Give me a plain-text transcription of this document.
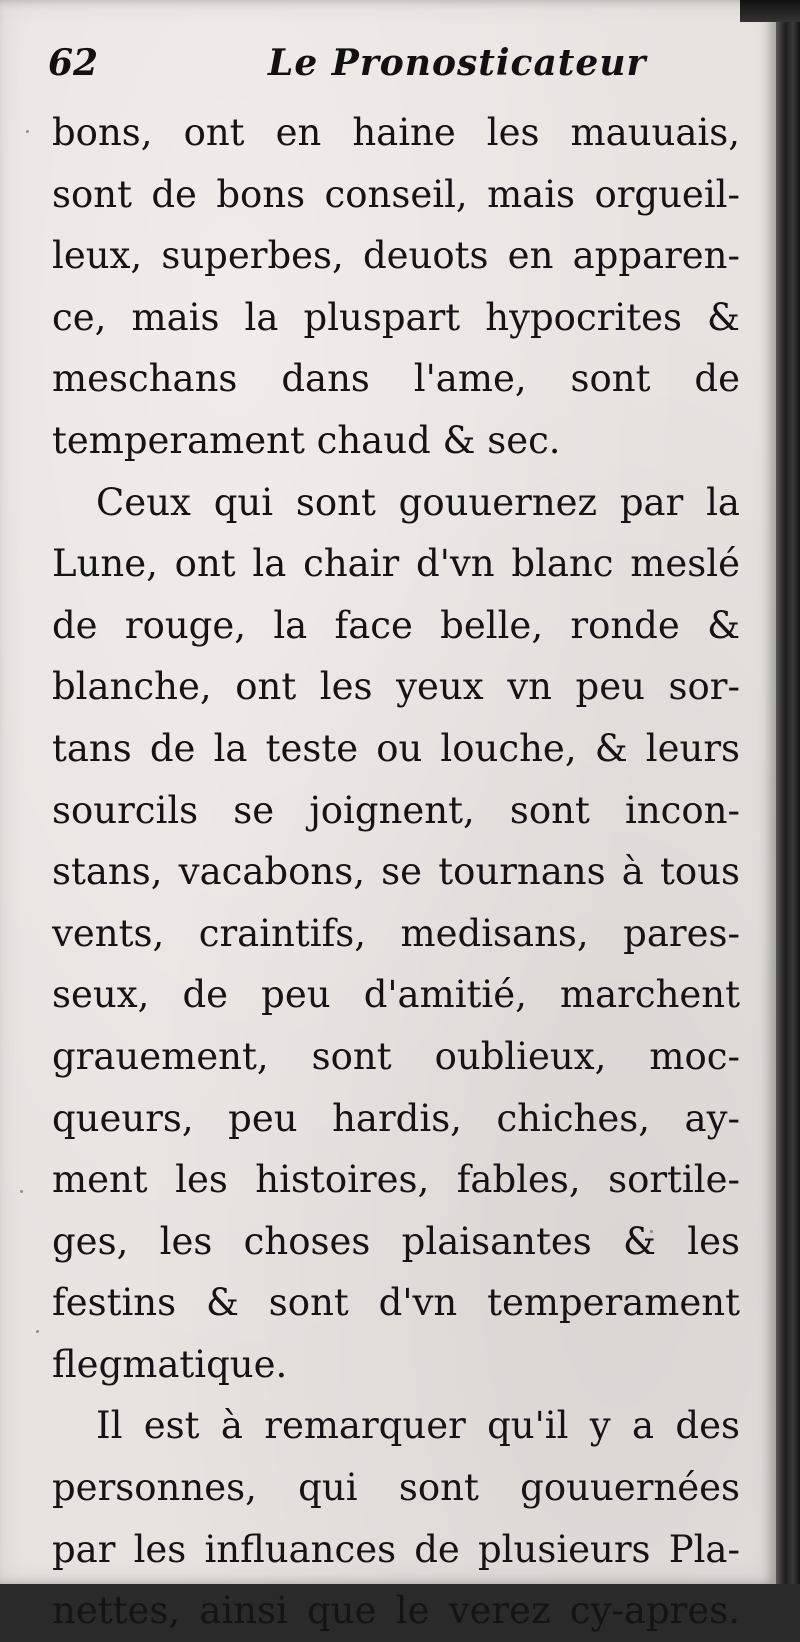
62	Le Pronosticateur
bons, ont en haine les mauuais,
sont de bons conseil, mais orgueil-
leux, superbes, deuots en apparen-
ce, mais la pluspart hypocrites &
meschans dans l'ame, sont de
temperament chaud & sec.
Ceux qui sont gouuernez par la
Lune, ont la chair d'vn blanc meslé
de rouge, la face belle, ronde &
blanche, ont les yeux vn peu sor-
tans de la teste ou louche, & leurs
sourcils se joignent, sont incon-
stans, vacabons, se tournans à tous
vents, craintifs, medisans, pares-
seux, de peu d'amitié, marchent
grauement, sont oublieux, moc-
queurs, peu hardis, chiches, ay-
ment les histoires, fables, sortile-
ges, les choses plaisantes & les
festins & sont d'vn temperament
flegmatique.
Il est à remarquer qu'il y a des
personnes, qui sont gouuernées
par les influances de plusieurs Pla-
nettes, ainsi que le verez cy-apres.
